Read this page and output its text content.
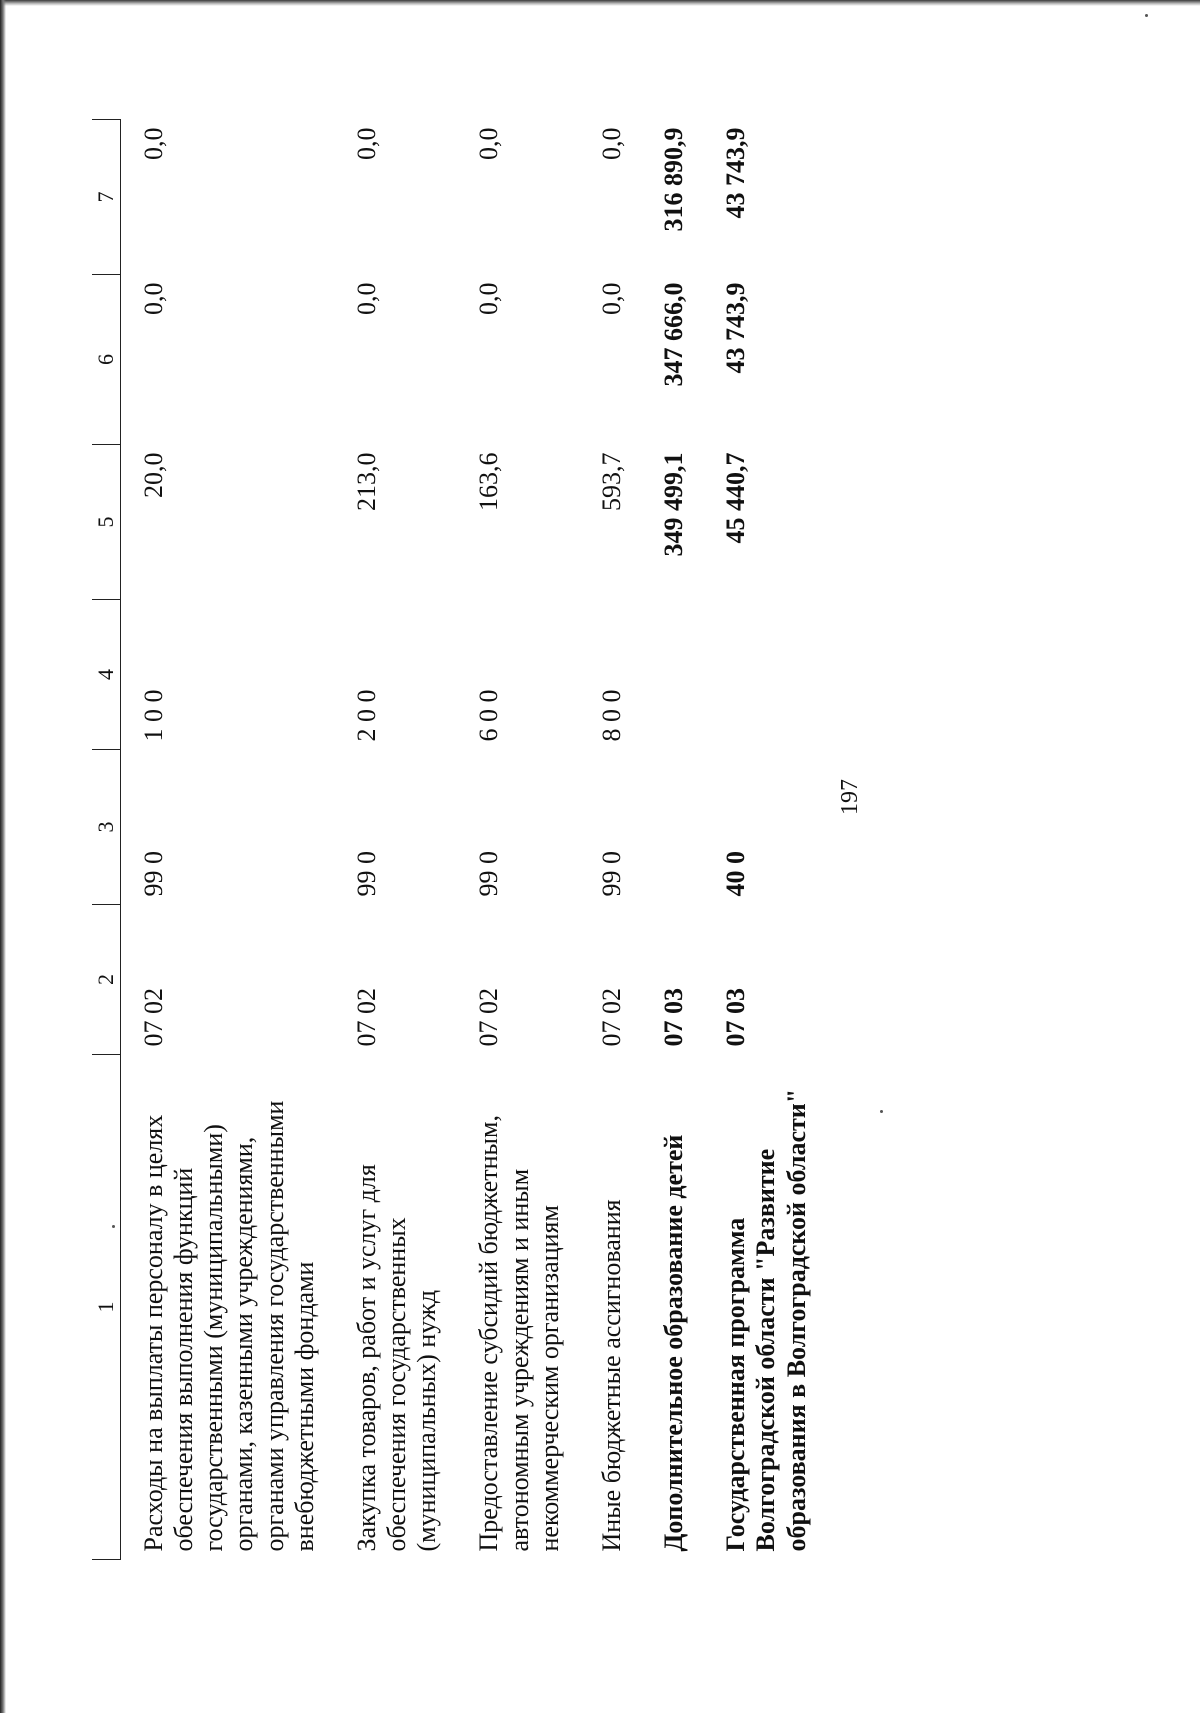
197
1	2	3	4	5	6	7
Расходы на выплаты персоналу в целях обеспечения выполнения функций государственными (муниципальными) органами, казенными учреждениями, органами управления государственными внебюджетными фондами	07 02	99 0	1 0 0	20,0	0,0	0,0
Закупка товаров, работ и услуг для обеспечения государственных (муниципальных) нужд	07 02	99 0	2 0 0	213,0	0,0	0,0
Предоставление субсидий бюджетным, автономным учреждениям и иным некоммерческим организациям	07 02	99 0	6 0 0	163,6	0,0	0,0
Иные бюджетные ассигнования	07 02	99 0	8 0 0	593,7	0,0	0,0
Дополнительное образование детей	07 03			349 499,1	347 666,0	316 890,9
Государственная программа Волгоградской области "Развитие образования в Волгоградской области"	07 03	40 0		45 440,7	43 743,9	43 743,9
